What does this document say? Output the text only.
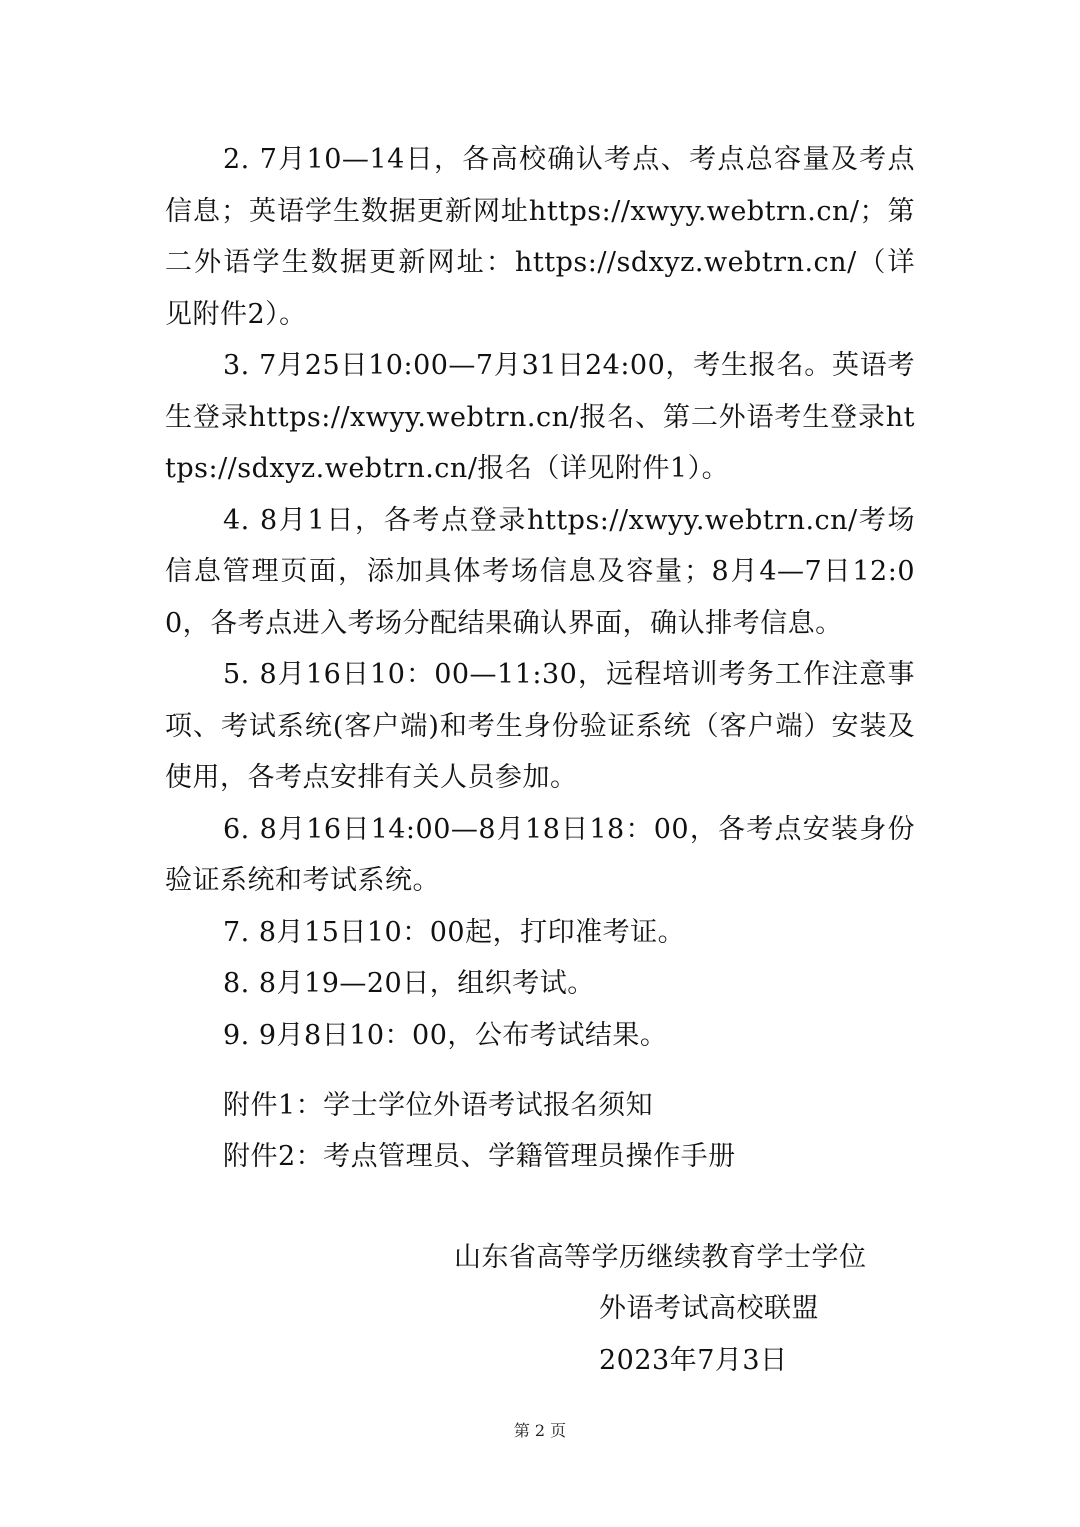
2. 7月10—14日，各高校确认考点、考点总容量及考点信息；英语学生数据更新网址https://xwyy.webtrn.cn/；第二外语学生数据更新网址：https://sdxyz.webtrn.cn/（详见附件2）。

3. 7月25日10:00—7月31日24:00，考生报名。英语考生登录https://xwyy.webtrn.cn/报名、第二外语考生登录https://sdxyz.webtrn.cn/报名（详见附件1）。

4. 8月1日，各考点登录https://xwyy.webtrn.cn/考场信息管理页面，添加具体考场信息及容量；8月4—7日12:00，各考点进入考场分配结果确认界面，确认排考信息。

5. 8月16日10：00—11:30，远程培训考务工作注意事项、考试系统(客户端)和考生身份验证系统（客户端）安装及使用，各考点安排有关人员参加。

6. 8月16日14:00—8月18日18：00，各考点安装身份验证系统和考试系统。

7. 8月15日10：00起，打印准考证。

8. 8月19—20日，组织考试。

9. 9月8日10：00，公布考试结果。

附件1：学士学位外语考试报名须知
附件2：考点管理员、学籍管理员操作手册
山东省高等学历继续教育学士学位
外语考试高校联盟
2023年7月3日
第 2 页
